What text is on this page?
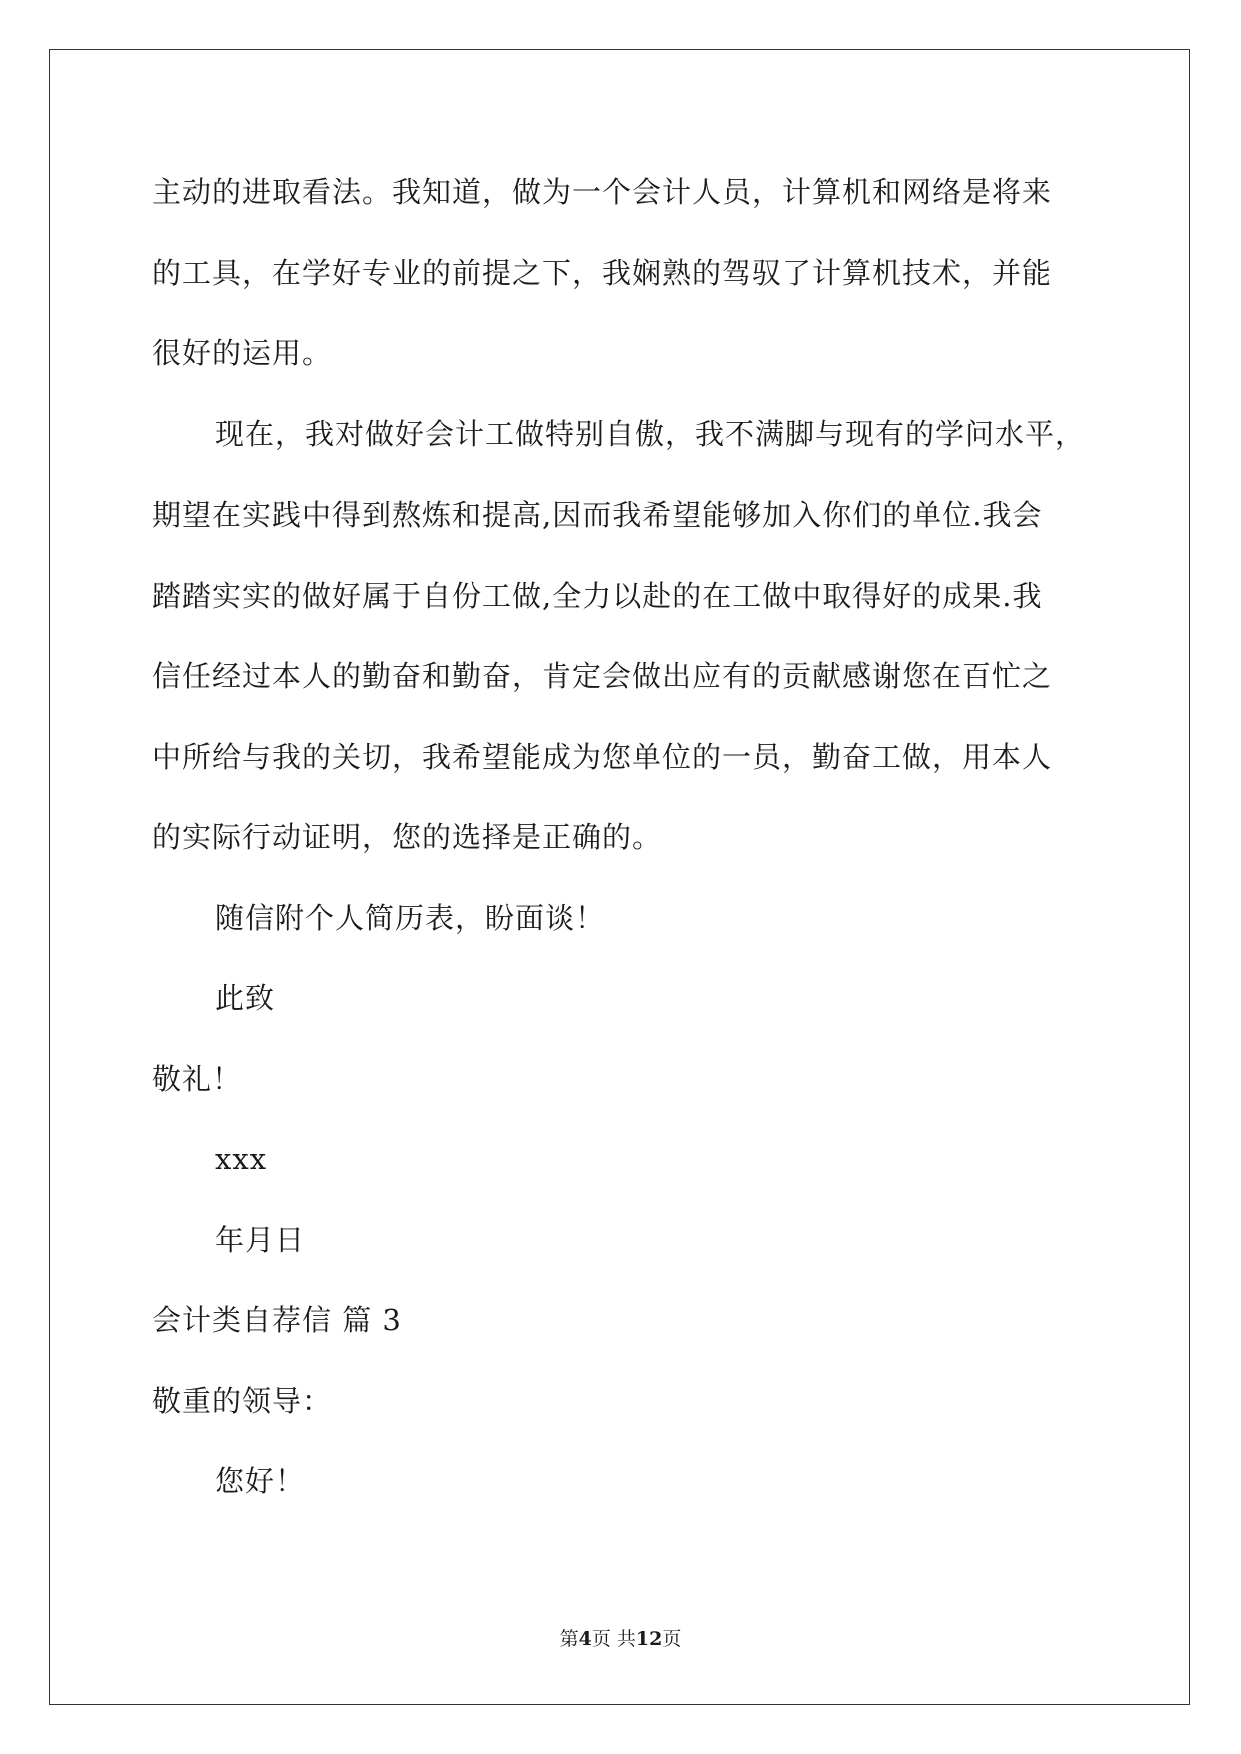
主动的进取看法。我知道，做为一个会计人员，计算机和网络是将来
的工具，在学好专业的前提之下，我娴熟的驾驭了计算机技术，并能
很好的运用。
现在，我对做好会计工做特别自傲，我不满脚与现有的学问水平，
期望在实践中得到熬炼和提高,因而我希望能够加入你们的单位.我会
踏踏实实的做好属于自份工做,全力以赴的在工做中取得好的成果.我
信任经过本人的勤奋和勤奋，肯定会做出应有的贡献感谢您在百忙之
中所给与我的关切，我希望能成为您单位的一员，勤奋工做，用本人
的实际行动证明，您的选择是正确的。
随信附个人简历表，盼面谈！
此致
敬礼！
xxx
年月日
会计类自荐信 篇 3
敬重的领导：
您好！
第4页 共12页
